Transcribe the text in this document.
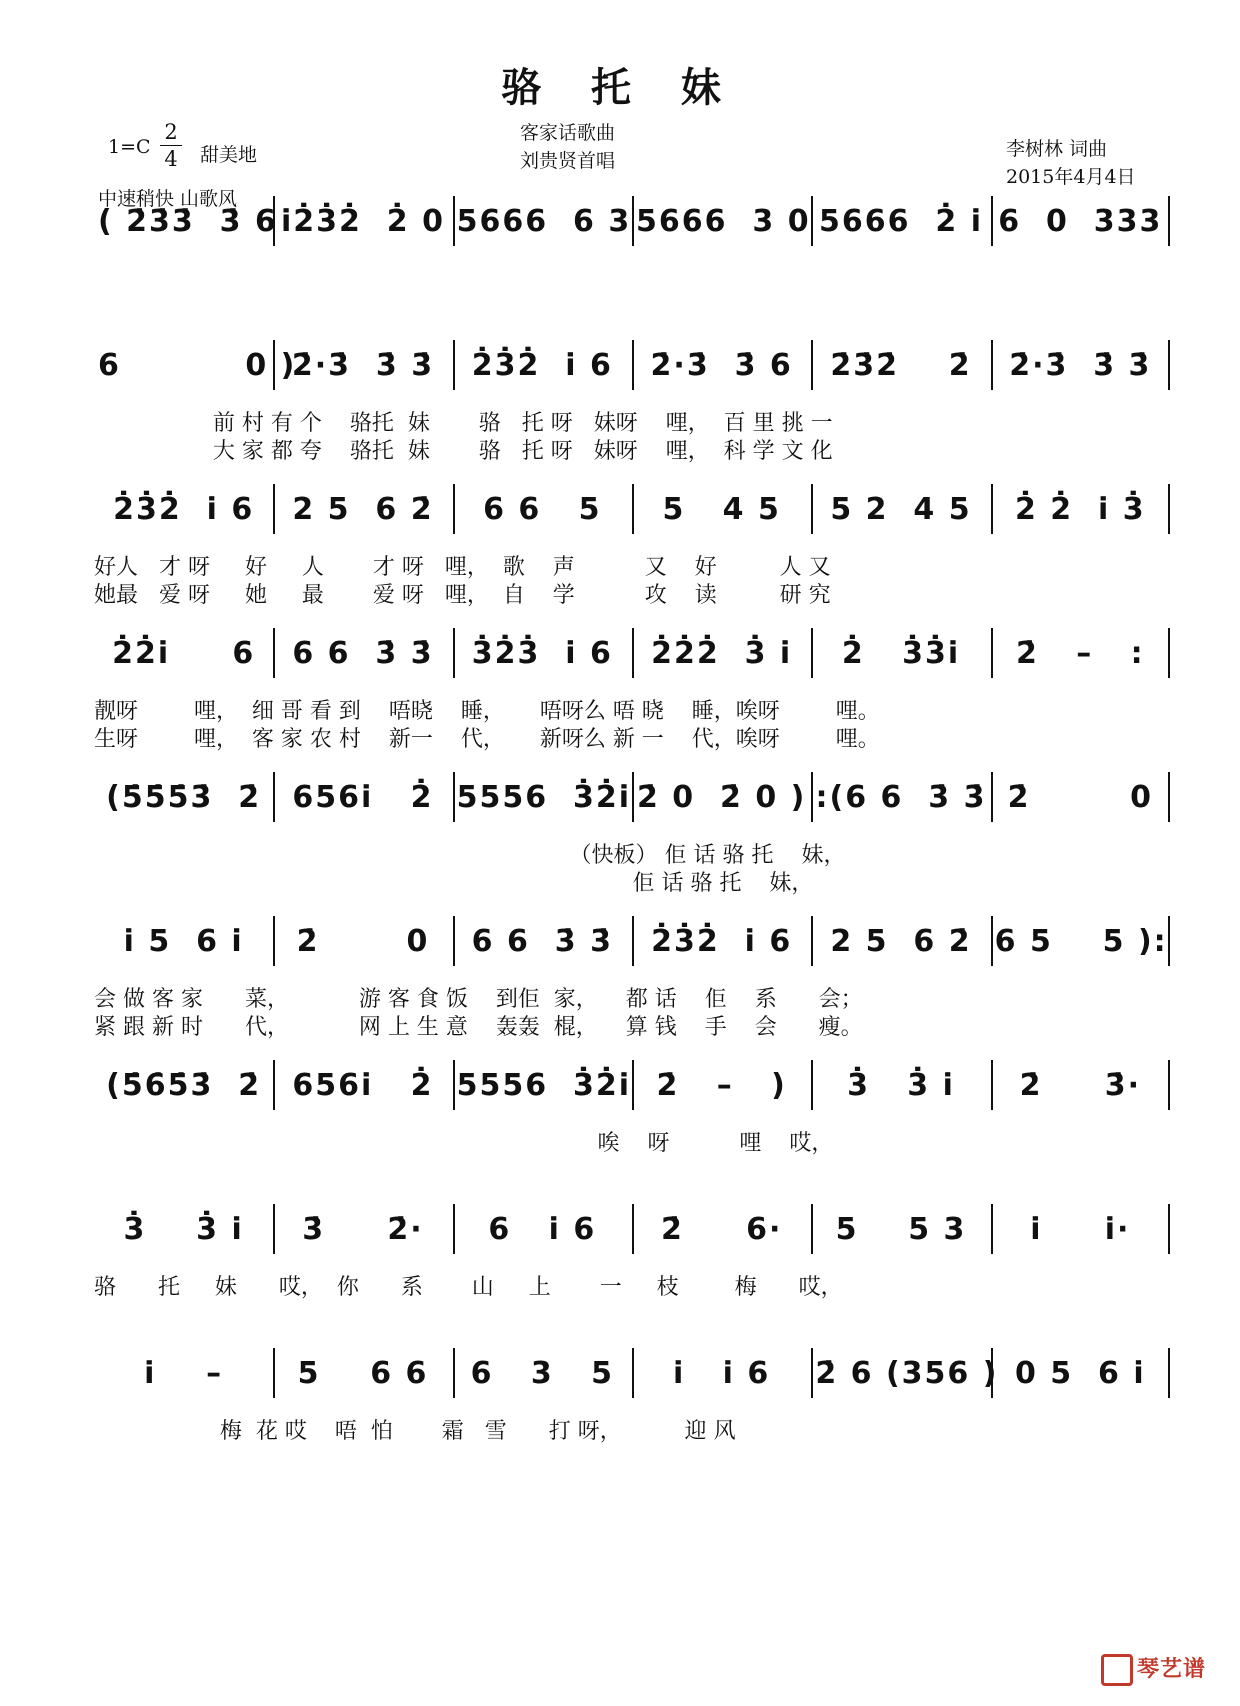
骆 托 妹
1=C
2
4 甜美地
中速稍快 山歌风
客家话歌曲
刘贵贤首唱
李树林 词曲
2015年4月4日
( 2̇3̇3̇  3̇ 6 i̇2̇3̇2̇  2̇ 0 5666  6 3 5666  3 0 5666  2̇ i̇ 6  0  333
6          0 )
2̇·3̇  3̇ 3̇	2̇3̇2̇  i̇ 6	2̇·3̇  3̇ 6	2̇3̇2̇    2̇	2̇·3̇  3̇ 3̇
前 村 有 个    骆托  妹       骆   托 呀   妹呀    哩，  百 里 挑 一
大 家 都 夸    骆托  妹       骆   托 呀   妹呀    哩，  科 学 文 化
2̇3̇2̇  i̇ 6	2 5  6 2̇	6 6   5	5   4 5	5 2  4 5	2̇ 2̇  i̇ 3̇
好人   才 呀     好     人       才 呀   哩，  歌    声          又    好         人 又
她最   爱 呀     她     最       爱 呀   哩，  自    学          攻    读         研 究
2̇2̇i̇     6	6 6  3̇ 3̇	3̇2̇3̇  i̇ 6	2̇2̇2̇  3̇ i̇	2̇   3̇3̇i̇	2̇   –   :
靓呀        哩，  细 哥 看 到    唔晓    睡，     唔呀么 唔 晓    睡，唉呀        哩。
生呀        哩，  客 家 农 村    新一    代，     新呀么 新 一    代，唉呀        哩。
(5̇5̇5̇3̇  2̇	656i̇   2̇ 5556  3̇2̇i̇ 2̇ 0  2̇ 0 ) :(6 6  3̇ 3̇ 2̇        0
（快板） 佢 话 骆 托    妹，
佢 话 骆 托    妹，
i̇ 5  6 i̇	2̇       0	6 6  3̇ 3̇	2̇3̇2̇  i̇ 6	2 5  6 2̇ 6 5    5 ):
会 做 客 家      菜，          游 客 食 饭    到佢  家，    都 话    佢    系      会；
紧 跟 新 时      代，          网 上 生 意    轰轰  棍，    算 钱    手    会      瘦。
(5̇6̇5̇3̇  2̇	656i̇   2̇ 5556  3̇2̇i̇ 2̇   –   )	3̇   3̇ i̇	2̇     3̇·
唉    呀          哩    哎，
3̇    3̇ i̇	3̇     2̇·	6   i̇ 6	2̇     6·	5    5 3	i̇     i̇·
骆      托     妹      哎，  你      系       山     上       一     枝        梅      哎，
i̇    –	5    6 6	6   3   5	i̇   i̇ 6	2̇ 6 (356 ) 0 5  6 i̇
梅  花 哎    唔  怕       霜   雪      打 呀，         迎 风
琴艺谱
